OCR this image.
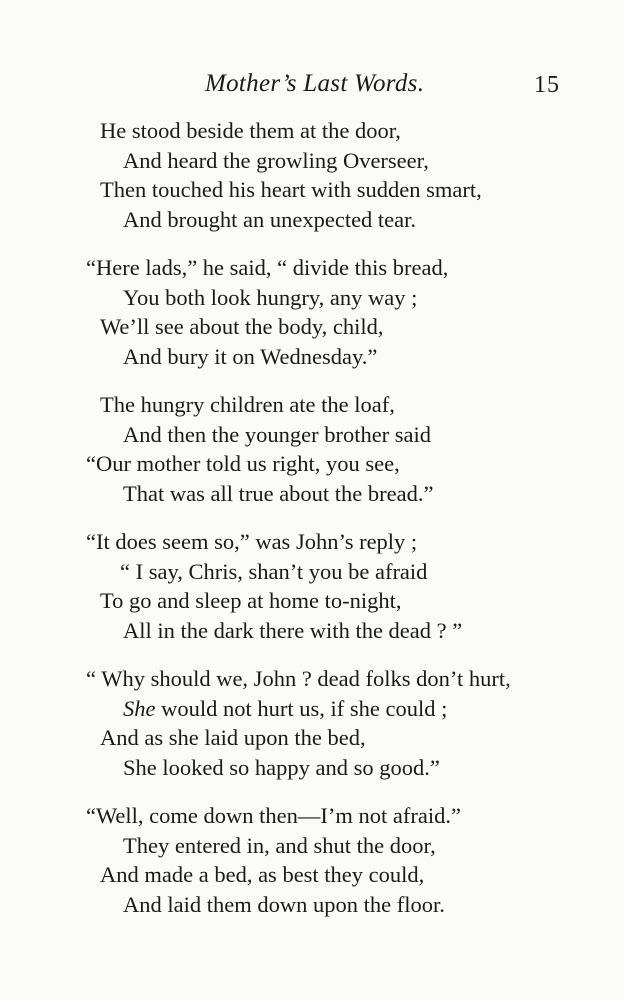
Mother’s Last Words.	15
He stood beside them at the door,
And heard the growling Overseer,
Then touched his heart with sudden smart,
And brought an unexpected tear.
“Here lads,” he said, “ divide this bread,
You both look hungry, any way ;
We’ll see about the body, child,
And bury it on Wednesday.”
The hungry children ate the loaf,
And then the younger brother said
“Our mother told us right, you see,
That was all true about the bread.”
“It does seem so,” was John’s reply ;
“ I say, Chris, shan’t you be afraid
To go and sleep at home to-night,
All in the dark there with the dead ? ”
“ Why should we, John ? dead folks don’t hurt,
She would not hurt us, if she could ;
And as she laid upon the bed,
She looked so happy and so good.”
“Well, come down then—I’m not afraid.”
They entered in, and shut the door,
And made a bed, as best they could,
And laid them down upon the floor.
